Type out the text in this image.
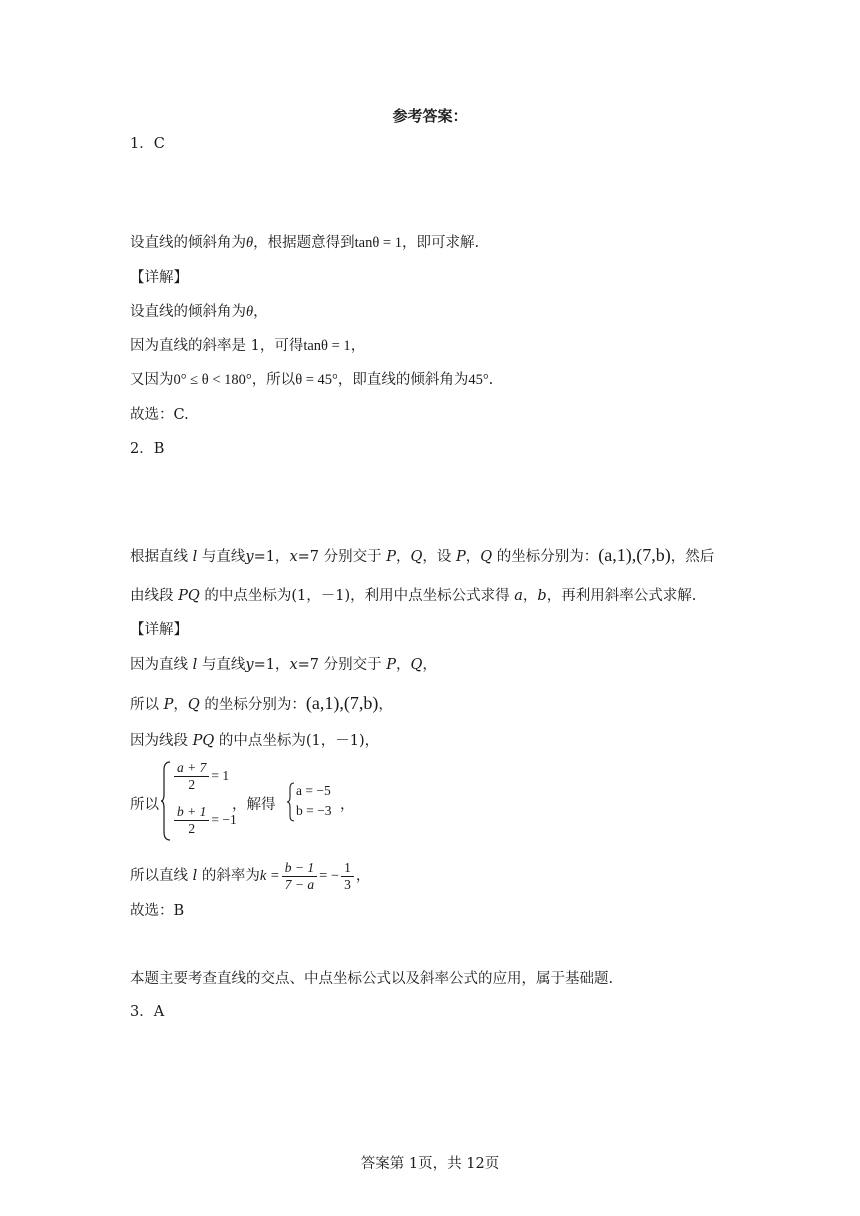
参考答案：
1．C
设直线的倾斜角为θ，根据题意得到tanθ = 1，即可求解.
【详解】
设直线的倾斜角为θ，
因为直线的斜率是 1，可得tanθ = 1，
又因为0° ≤ θ < 180°，所以θ = 45°，即直线的倾斜角为45°.
故选：C.
2．B
根据直线 l 与直线y=1，x=7 分别交于 P，Q，设 P，Q 的坐标分别为：(a,1),(7,b)，然后
由线段 PQ 的中点坐标为(1，－1)，利用中点坐标公式求得 a，b，再利用斜率公式求解.
【详解】
因为直线 l 与直线y=1，x=7 分别交于 P，Q，
所以 P，Q 的坐标分别为：(a,1),(7,b)，
因为线段 PQ 的中点坐标为(1，－1)，
所以
$\frac{a + 7}{2} = 1$
$\frac{b + 1}{2} = -1$
，解得
a = −5
b = −3 ，
所以直线 l 的斜率为$k = \frac{b - 1}{7 - a}$ = − $\frac{1}{3}$ ，
故选：B
本题主要考查直线的交点、中点坐标公式以及斜率公式的应用，属于基础题.
3．A
答案第 1页，共 12页
